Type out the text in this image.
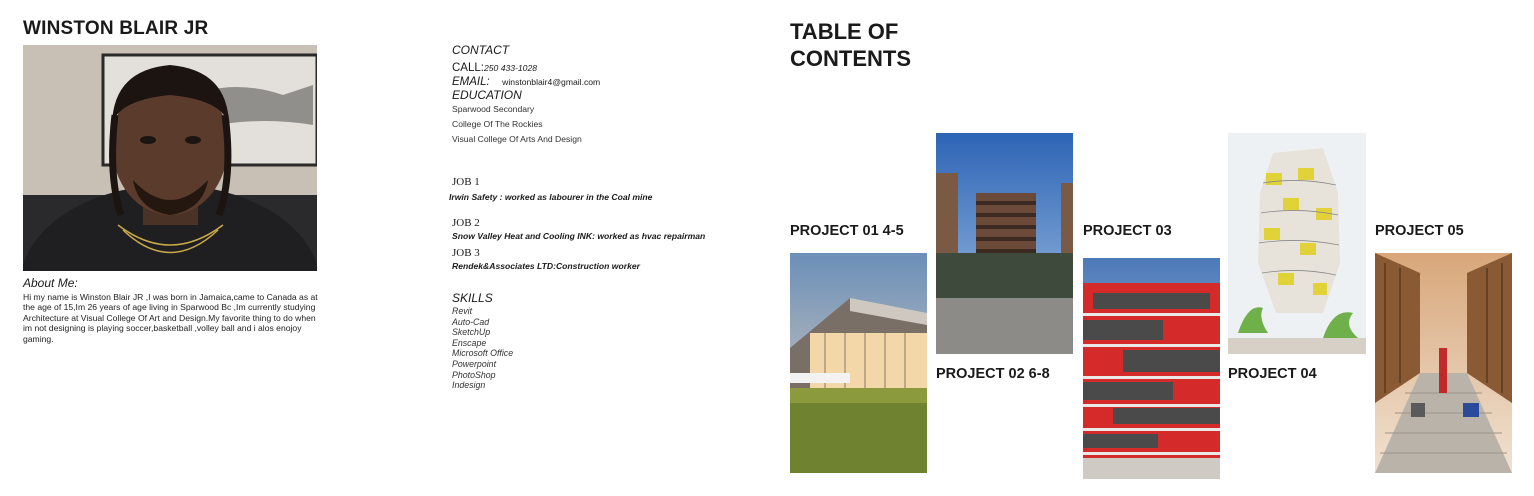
WINSTON BLAIR JR
About Me:
Hi my name is Winston Blair JR ,I was born in Jamaica,came to Canada as at the age of 15,Im 26 years of age living in Sparwood Bc ,Im currently studying Architecture at Visual College Of Art and Design.My favorite thing to do when im not designing is playing soccer,basketball ,volley ball and i alos enojoy gaming.
CONTACT
CALL:250 433-1028
EMAIL: winstonblair4@gmail.com
EDUCATION
Sparwood Secondary
College Of The Rockies
Visual College Of Arts And Design
JOB 1
Irwin Safety : worked as labourer in the Coal mine
JOB 2
Snow Valley Heat and Cooling INK: worked as hvac repairman
JOB 3
Rendek&Associates LTD:Construction worker
SKILLS
Revit
Auto-Cad
SketchUp
Enscape
Microsoft Office
Powerpoint
PhotoShop
Indesign
TABLE OF
CONTENTS
PROJECT 01 4-5
PROJECT 02 6-8
PROJECT 03
PROJECT 04
PROJECT 05
